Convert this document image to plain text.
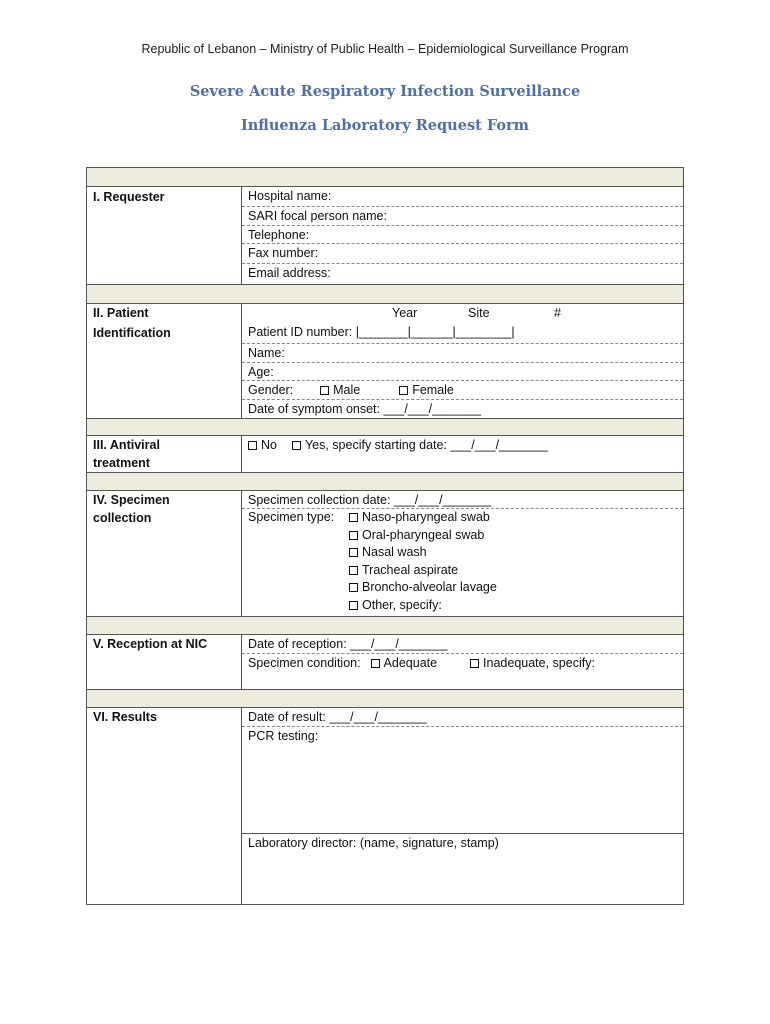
Republic of Lebanon – Ministry of Public Health – Epidemiological Surveillance Program
Severe Acute Respiratory Infection Surveillance
Influenza Laboratory Request Form
I. Requester	Hospital name:
SARI focal person name:
Telephone:
Fax number:
Email address:
II. Patient
Identification
Year	Site	#
Patient ID number: |_______|______|________|
Name:
Age:
Gender:	Male	Female
Date of symptom onset: ___/___/_______
III. Antiviral
treatment
No Yes, specify starting date: ___/___/_______
IV. Specimen
collection
Specimen collection date: ___/___/_______
Specimen type:	Naso-pharyngeal swab
Oral-pharyngeal swab
Nasal wash
Tracheal aspirate
Broncho-alveolar lavage
Other, specify:
V. Reception at NIC	Date of reception: ___/___/_______
Specimen condition: Adequate	Inadequate, specify:
VI. Results	Date of result: ___/___/_______
PCR testing:
Laboratory director: (name, signature, stamp)
